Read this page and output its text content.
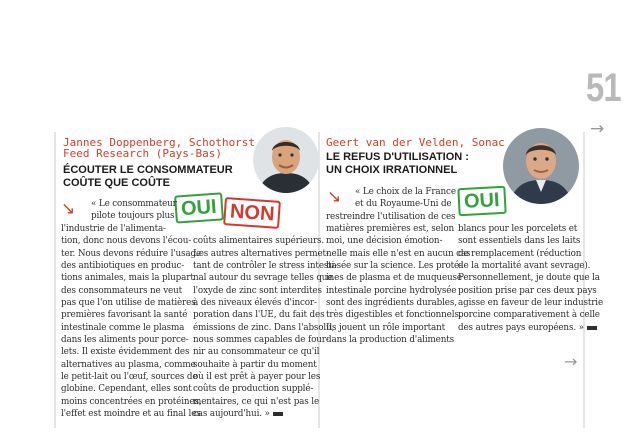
51
→
Jannes Doppenberg, Schothorst
Feed Research (Pays-Bas)
ÉCOUTER LE CONSOMMATEUR
COÛTE QUE COÛTE
OUI NON
↘ « Le consommateur
pilote toujours plus
l'industrie de l'alimenta-
tion, donc nous devons l'écou-
ter. Nous devons réduire l'usage
des antibiotiques en produc-
tions animales, mais la plupart
des consommateurs ne veut
pas que l'on utilise de matières
premières favorisant la santé
intestinale comme le plasma
dans les aliments pour porce-
lets. Il existe évidemment des
alternatives au plasma, comme
le petit-lait ou l'œuf, sources de
globine. Cependant, elles sont
moins concentrées en protéines,
l'effet est moindre et au final les
coûts alimentaires supérieurs.
Les autres alternatives permet-
tant de contrôler le stress intesti-
nal autour du sevrage telles que
l'oxyde de zinc sont interdites
à des niveaux élevés d'incor-
poration dans l'UE, du fait des
émissions de zinc. Dans l'absolu,
nous sommes capables de four-
nir au consommateur ce qu'il
souhaite à partir du moment
où il est prêt à payer pour les
coûts de production supplé-
mentaires, ce qui n'est pas le
cas aujourd'hui. »
Geert van der Velden, Sonac
LE REFUS D'UTILISATION :
UN CHOIX IRRATIONNEL
OUI
↘ « Le choix de la France
et du Royaume-Uni de
restreindre l'utilisation de ces
matières premières est, selon
moi, une décision émotion-
nelle mais elle n'est en aucun cas
basée sur la science. Les proté-
ines de plasma et de muqueuse
intestinale porcine hydrolysée
sont des ingrédients durables,
très digestibles et fonctionnels.
Ils jouent un rôle important
dans la production d'aliments
blancs pour les porcelets et
sont essentiels dans les laits
de remplacement (réduction
de la mortalité avant sevrage).
Personnellement, je doute que la
position prise par ces deux pays
agisse en faveur de leur industrie
porcine comparativement à celle
des autres pays européens. »
→
